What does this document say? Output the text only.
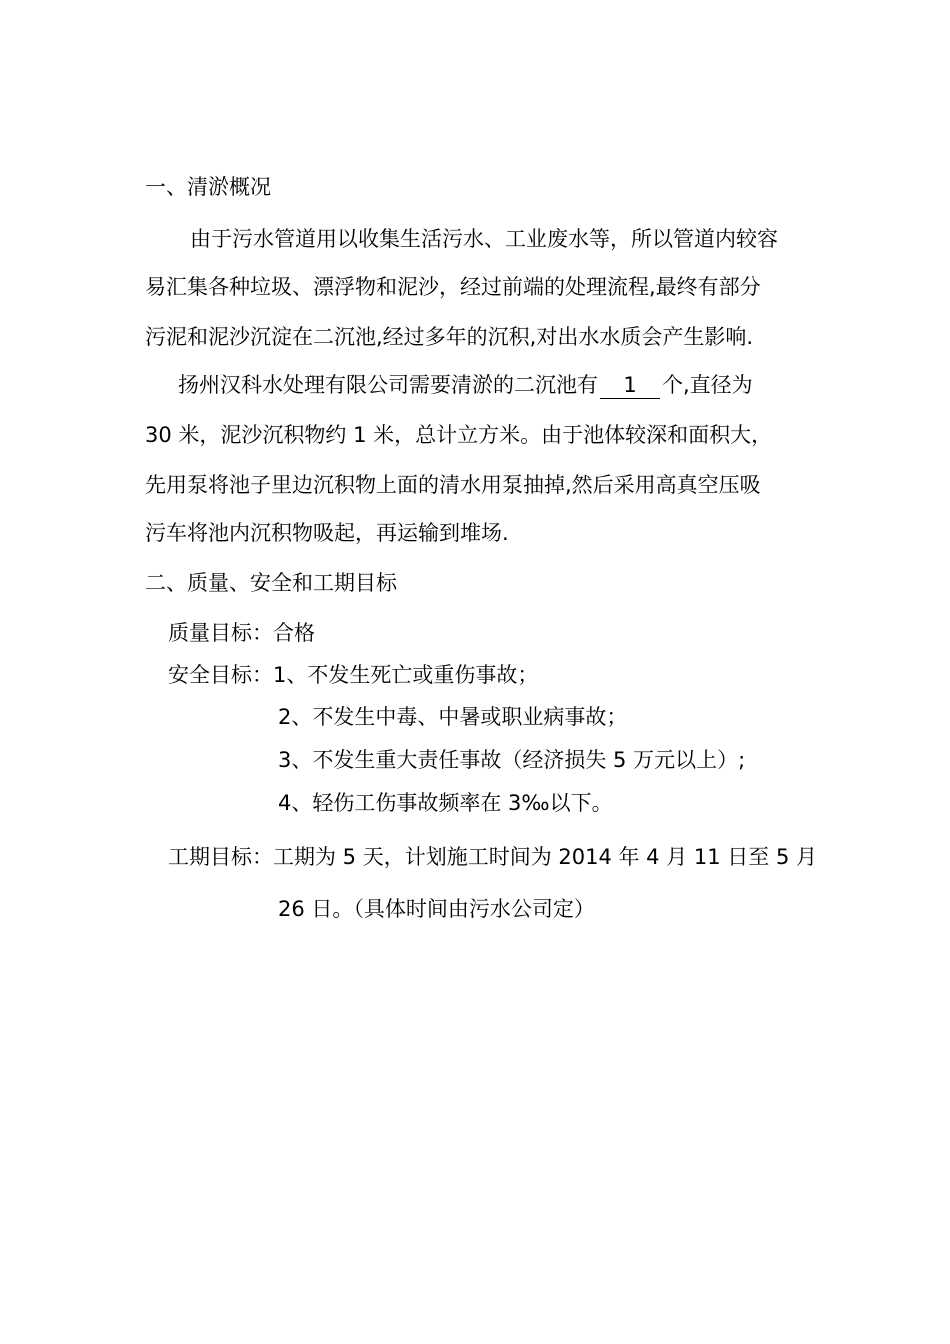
一、清淤概况
由于污水管道用以收集生活污水、工业废水等，所以管道内较容
易汇集各种垃圾、漂浮物和泥沙，经过前端的处理流程,最终有部分
污泥和泥沙沉淀在二沉池,经过多年的沉积,对出水水质会产生影响.
扬州汉科水处理有限公司需要清淤的二沉池有 1 个,直径为
30 米，泥沙沉积物约 1 米，总计立方米。由于池体较深和面积大，
先用泵将池子里边沉积物上面的清水用泵抽掉,然后采用高真空压吸
污车将池内沉积物吸起，再运输到堆场.
二、质量、安全和工期目标
质量目标：合格
安全目标：1、不发生死亡或重伤事故；
2、不发生中毒、中暑或职业病事故；
3、不发生重大责任事故（经济损失 5 万元以上）;
4、轻伤工伤事故频率在 3‰以下。
工期目标：工期为 5 天，计划施工时间为 2014 年 4 月 11 日至 5 月
26 日。（具体时间由污水公司定）
